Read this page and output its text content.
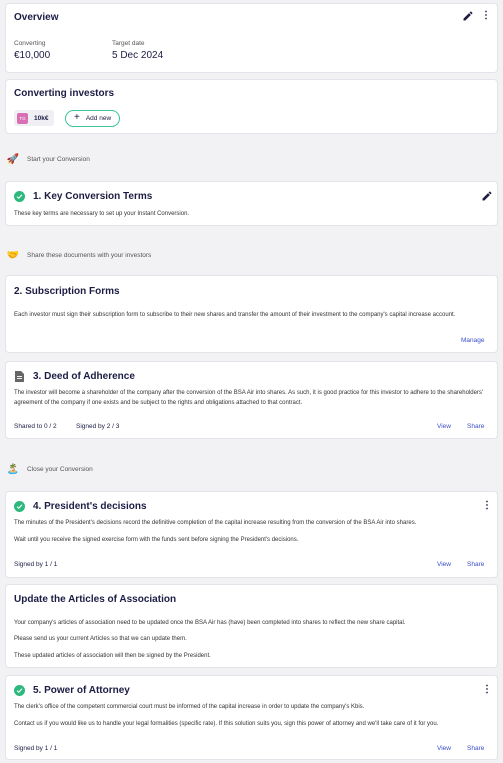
Overview	⋮
Converting
€10,000
Target date
5 Dec 2024
Converting investors
TG	10k€	+ Add new
🚀 Start your Conversion
1. Key Conversion Terms
These key terms are necessary to set up your Instant Conversion.
🤝 Share these documents with your investors
2. Subscription Forms
Each investor must sign their subscription form to subscribe to their new shares and transfer the amount of their investment to the company's capital increase account.
Manage
3. Deed of Adherence
The investor will become a shareholder of the company after the conversion of the BSA Air into shares. As such, it is good practice for this investor to adhere to the shareholders' agreement of the company if one exists and be subject to the rights and obligations attached to that contract.
Shared to 0 / 2	Signed by 2 / 3	View Share
🏝️ Close your Conversion
4. President's decisions	⋮
The minutes of the President's decisions record the definitive completion of the capital increase resulting from the conversion of the BSA Air into shares.
Wait until you receive the signed exercise form with the funds sent before signing the President's decisions.
Signed by 1 / 1	View Share
Update the Articles of Association
Your company's articles of association need to be updated once the BSA Air has (have) been completed into shares to reflect the new share capital.
Please send us your current Articles so that we can update them.
These updated articles of association will then be signed by the President.
5. Power of Attorney	⋮
The clerk's office of the competent commercial court must be informed of the capital increase in order to update the company's Kbis.
Contact us if you would like us to handle your legal formalities (specific rate). If this solution suits you, sign this power of attorney and we'll take care of it for you.
Signed by 1 / 1	View Share
